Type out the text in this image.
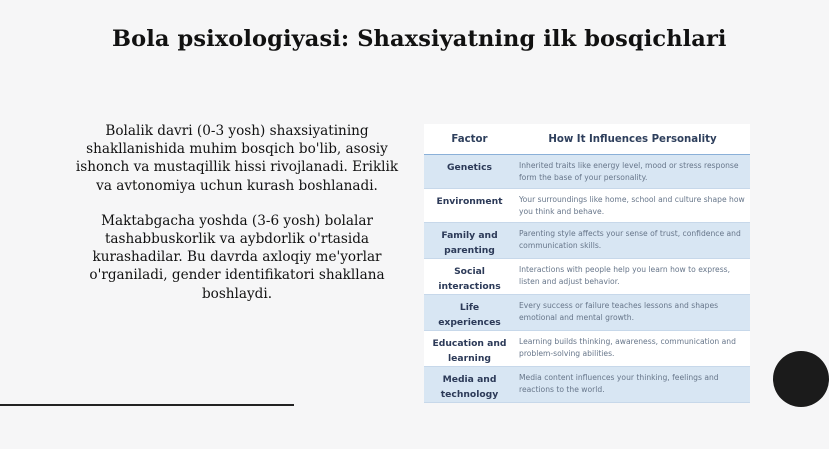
Bola psixologiyasi: Shaxsiyatning ilk bosqichlari

Bolalik davri (0-3 yosh) shaxsiyatining shakllanishida muhim bosqich bo'lib, asosiy ishonch va mustaqillik hissi rivojlanadi. Eriklik va avtonomiya uchun kurash boshlanadi.

Maktabgacha yoshda (3-6 yosh) bolalar tashabbuskorlik va aybdorlik o'rtasida kurashadilar. Bu davrda axloqiy me'yorlar o'rganiladi, gender identifikatori shakllana boshlaydi.

Factor	How It Influences Personality
Genetics	Inherited traits like energy level, mood or stress response form the base of your personality.
Environment	Your surroundings like home, school and culture shape how you think and behave.
Family and parenting	Parenting style affects your sense of trust, confidence and communication skills.
Social interactions	Interactions with people help you learn how to express, listen and adjust behavior.
Life experiences	Every success or failure teaches lessons and shapes emotional and mental growth.
Education and learning	Learning builds thinking, awareness, communication and problem-solving abilities.
Media and technology	Media content influences your thinking, feelings and reactions to the world.
